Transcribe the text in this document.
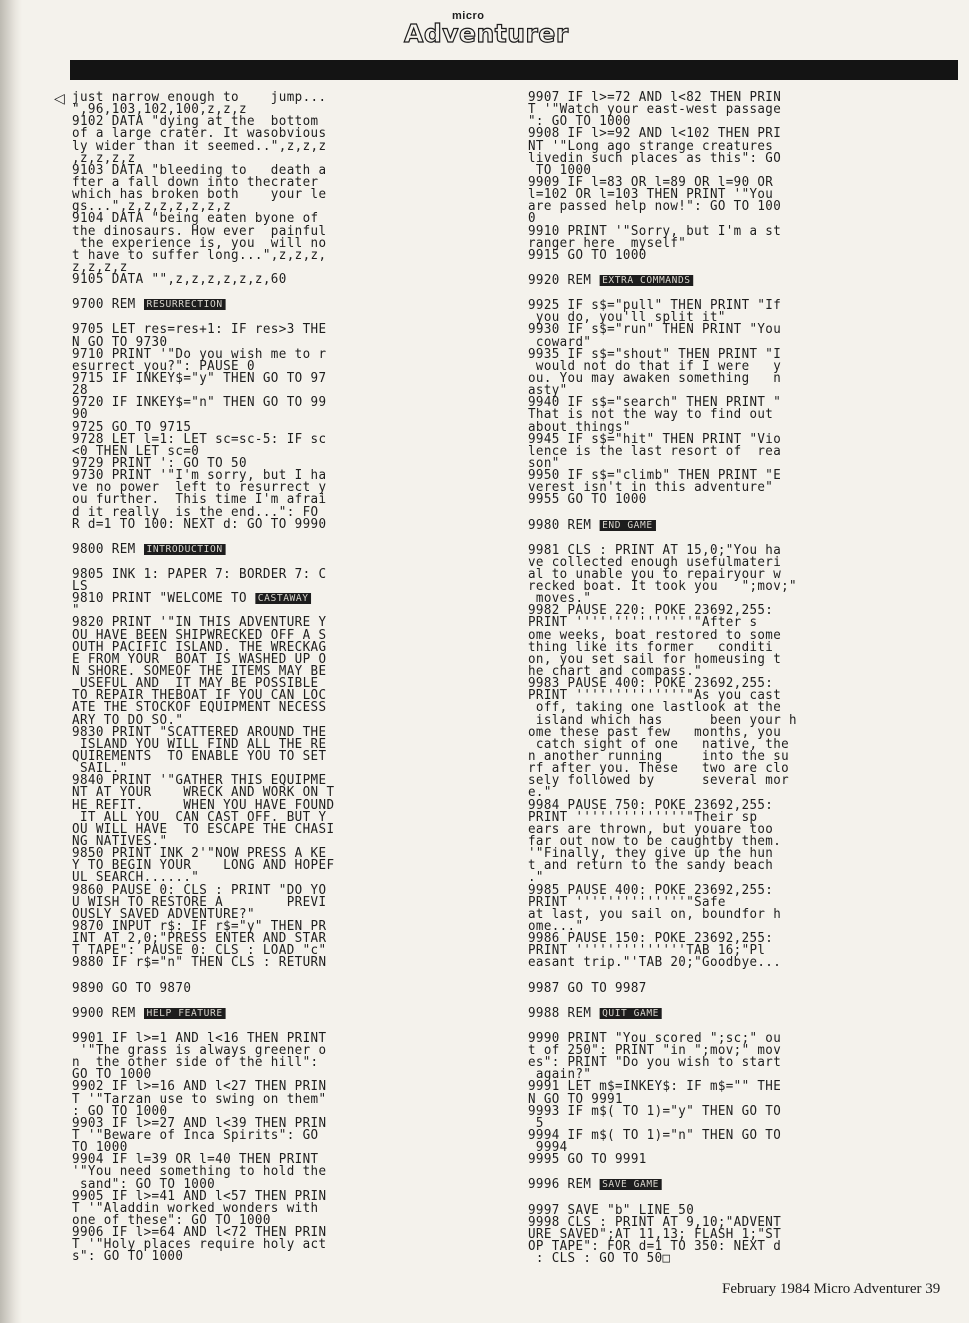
micro
Adventurer
◁ just narrow enough to    jump...
",96,103,102,100,z,z,z
9102 DATA "dying at the  bottom
of a large crater. It wasobvious
ly wider than it seemed..",z,z,z
,z,z,z,z
9103 DATA "bleeding to   death a
fter a fall down into thecrater
which has broken both    your le
gs...",z,z,z,z,z,z,z
9104 DATA "being eaten byone of
the dinosaurs. How ever  painful
the experience is, you  will no
t have to suffer long...",z,z,z,
z,z,z,z
9105 DATA "",z,z,z,z,z,z,60
9700 REM RESURRECTION
9705 LET res=res+1: IF res>3 THE
N GO TO 9730
9710 PRINT '"Do you wish me to r
esurrect you?": PAUSE 0
9715 IF INKEY$="y" THEN GO TO 97
28
9720 IF INKEY$="n" THEN GO TO 99
90
9725 GO TO 9715
9728 LET l=1: LET sc=sc-5: IF sc
<0 THEN LET sc=0
9729 PRINT ': GO TO 50
9730 PRINT '"I'm sorry, but I ha
ve no power  left to resurrect y
ou further.  This time I'm afrai
d it really  is the end...": FO
R d=1 TO 100: NEXT d: GO TO 9990
9800 REM INTRODUCTION
9805 INK 1: PAPER 7: BORDER 7: C
LS
9810 PRINT "WELCOME TO CASTAWAY
"
9820 PRINT '"IN THIS ADVENTURE Y
OU HAVE BEEN SHIPWRECKED OFF A S
OUTH PACIFIC ISLAND. THE WRECKAG
E FROM YOUR  BOAT IS WASHED UP O
N SHORE. SOMEOF THE ITEMS MAY BE
USEFUL AND  IT MAY BE POSSIBLE
TO REPAIR THEBOAT IF YOU CAN LOC
ATE THE STOCKOF EQUIPMENT NECESS
ARY TO DO SO."
9830 PRINT "SCATTERED AROUND THE
ISLAND YOU WILL FIND ALL THE RE
QUIREMENTS  TO ENABLE YOU TO SET
SAIL."
9840 PRINT '"GATHER THIS EQUIPME
NT AT YOUR    WRECK AND WORK ON T
HE REFIT.     WHEN YOU HAVE FOUND
IT ALL YOU  CAN CAST OFF. BUT Y
OU WILL HAVE  TO ESCAPE THE CHASI
NG NATIVES."
9850 PRINT INK 2'"NOW PRESS A KE
Y TO BEGIN YOUR    LONG AND HOPEF
UL SEARCH......"
9860 PAUSE 0: CLS : PRINT "DO YO
U WISH TO RESTORE A        PREVI
OUSLY SAVED ADVENTURE?"
9870 INPUT r$: IF r$="y" THEN PR
INT AT 2,0;"PRESS ENTER AND STAR
T TAPE": PAUSE 0: CLS : LOAD "c"
9880 IF r$="n" THEN CLS : RETURN
9890 GO TO 9870
9900 REM HELP FEATURE
9901 IF l>=1 AND l<16 THEN PRINT
'"The grass is always greener o
n  the other side of the hill":
GO TO 1000
9902 IF l>=16 AND l<27 THEN PRIN
T '"Tarzan use to swing on them"
: GO TO 1000
9903 IF l>=27 AND l<39 THEN PRIN
T '"Beware of Inca Spirits": GO
TO 1000
9904 IF l=39 OR l=40 THEN PRINT
'"You need something to hold the
sand": GO TO 1000
9905 IF l>=41 AND l<57 THEN PRIN
T '"Aladdin worked wonders with
one of these": GO TO 1000
9906 IF l>=64 AND l<72 THEN PRIN
T '"Holy places require holy act
s": GO TO 1000
9907 IF l>=72 AND l<82 THEN PRIN
T '"Watch your east-west passage
": GO TO 1000
9908 IF l>=92 AND l<102 THEN PRI
NT '"Long ago strange creatures
livedin such places as this": GO
TO 1000
9909 IF l=83 OR l=89 OR l=90 OR
l=102 OR l=103 THEN PRINT '"You
are passed help now!": GO TO 100
0
9910 PRINT '"Sorry, but I'm a st
ranger here  myself"
9915 GO TO 1000
9920 REM EXTRA COMMANDS
9925 IF s$="pull" THEN PRINT "If
you do, you'll split it"
9930 IF s$="run" THEN PRINT "You
coward"
9935 IF s$="shout" THEN PRINT "I
would not do that if I were   y
ou. You may awaken something   n
asty"
9940 IF s$="search" THEN PRINT "
That is not the way to find out
about things"
9945 IF s$="hit" THEN PRINT "Vio
lence is the last resort of  rea
son"
9950 IF s$="climb" THEN PRINT "E
verest isn't in this adventure"
9955 GO TO 1000
9980 REM END GAME
9981 CLS : PRINT AT 15,0;"You ha
ve collected enough usefulmateri
al to unable you to repairyour w
recked boat. It took you   ";mov;"
moves."
9982 PAUSE 220: POKE 23692,255:
PRINT '''''''''''''''"After s
ome weeks, boat restored to some
thing like its former   conditi
on, you set sail for homeusing t
he chart and compass."
9983 PAUSE 400: POKE 23692,255:
PRINT ''''''''''''''"As you cast
off, taking one lastlook at the
island which has      been your h
ome these past few   months, you
catch sight of one   native, the
n another running     into the su
rf after you. These   two are clo
sely followed by      several mor
e."
9984 PAUSE 750: POKE 23692,255:
PRINT ''''''''''''''"Their sp
ears are thrown, but youare too
far out now to be caughtby them.
'"Finally, they give up the hun
t and return to the sandy beach
."
9985 PAUSE 400: POKE 23692,255:
PRINT ''''''''''''''"Safe
at last, you sail on, boundfor h
ome..."
9986 PAUSE 150: POKE 23692,255:
PRINT ''''''''''''''TAB 16;"Pl
easant trip."'TAB 20;"Goodbye...
9987 GO TO 9987
9988 REM QUIT GAME
9990 PRINT "You scored ";sc;" ou
t of 250": PRINT "in ";mov;" mov
es": PRINT "Do you wish to start
again?"
9991 LET m$=INKEY$: IF m$="" THE
N GO TO 9991
9993 IF m$( TO 1)="y" THEN GO TO
5
9994 IF m$( TO 1)="n" THEN GO TO
9994
9995 GO TO 9991
9996 REM SAVE GAME
9997 SAVE "b" LINE 50
9998 CLS : PRINT AT 9,10;"ADVENT
URE SAVED";AT 11,13; FLASH 1;"ST
OP TAPE": FOR d=1 TO 350: NEXT d
: CLS : GO TO 50□
February 1984 Micro Adventurer 39
